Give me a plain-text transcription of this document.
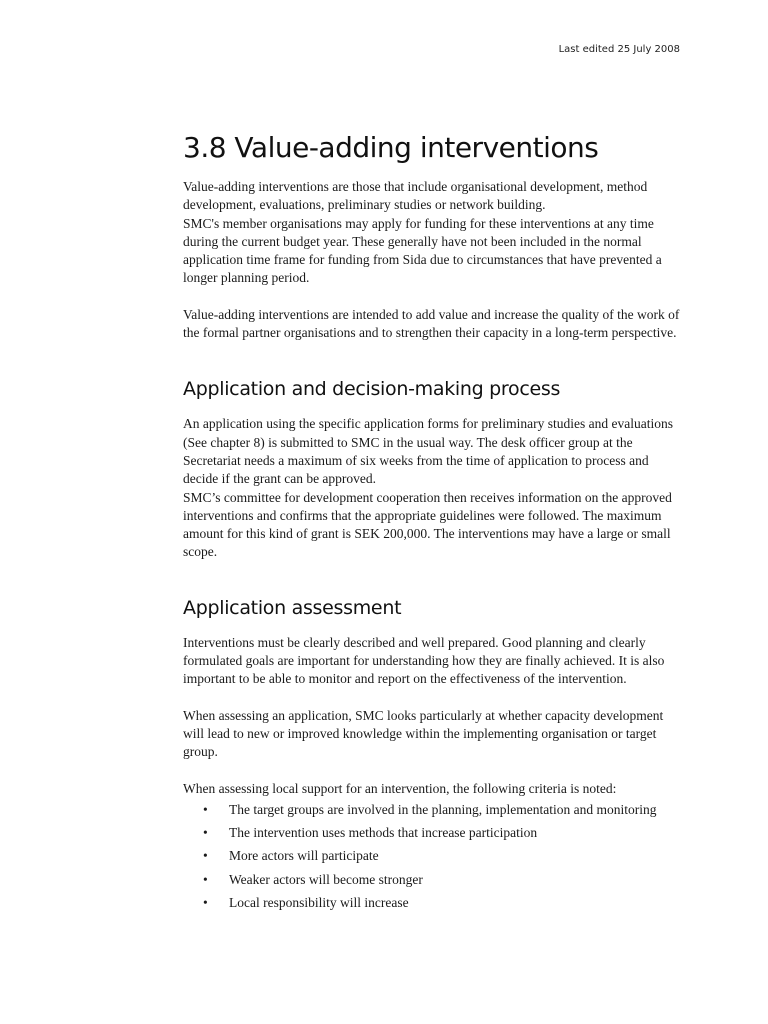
Last edited 25 July 2008
3.8 Value-adding interventions

Value-adding interventions are those that include organisational development, method development, evaluations, preliminary studies or network building.

SMC's member organisations may apply for funding for these interventions at any time during the current budget year. These generally have not been included in the normal application time frame for funding from Sida due to circumstances that have prevented a longer planning period.

Value-adding interventions are intended to add value and increase the quality of the work of the formal partner organisations and to strengthen their capacity in a long-term perspective.

Application and decision-making process

An application using the specific application forms for preliminary studies and evaluations (See chapter 8) is submitted to SMC in the usual way. The desk officer group at the Secretariat needs a maximum of six weeks from the time of application to process and decide if the grant can be approved.

SMC’s committee for development cooperation then receives information on the approved interventions and confirms that the appropriate guidelines were followed. The maximum amount for this kind of grant is SEK 200,000. The interventions may have a large or small scope.

Application assessment

Interventions must be clearly described and well prepared. Good planning and clearly formulated goals are important for understanding how they are finally achieved. It is also important to be able to monitor and report on the effectiveness of the intervention.

When assessing an application, SMC looks particularly at whether capacity development will lead to new or improved knowledge within the implementing organisation or target group.

When assessing local support for an intervention, the following criteria is noted:

• The target groups are involved in the planning, implementation and monitoring
• The intervention uses methods that increase participation
• More actors will participate
• Weaker actors will become stronger
• Local responsibility will increase
